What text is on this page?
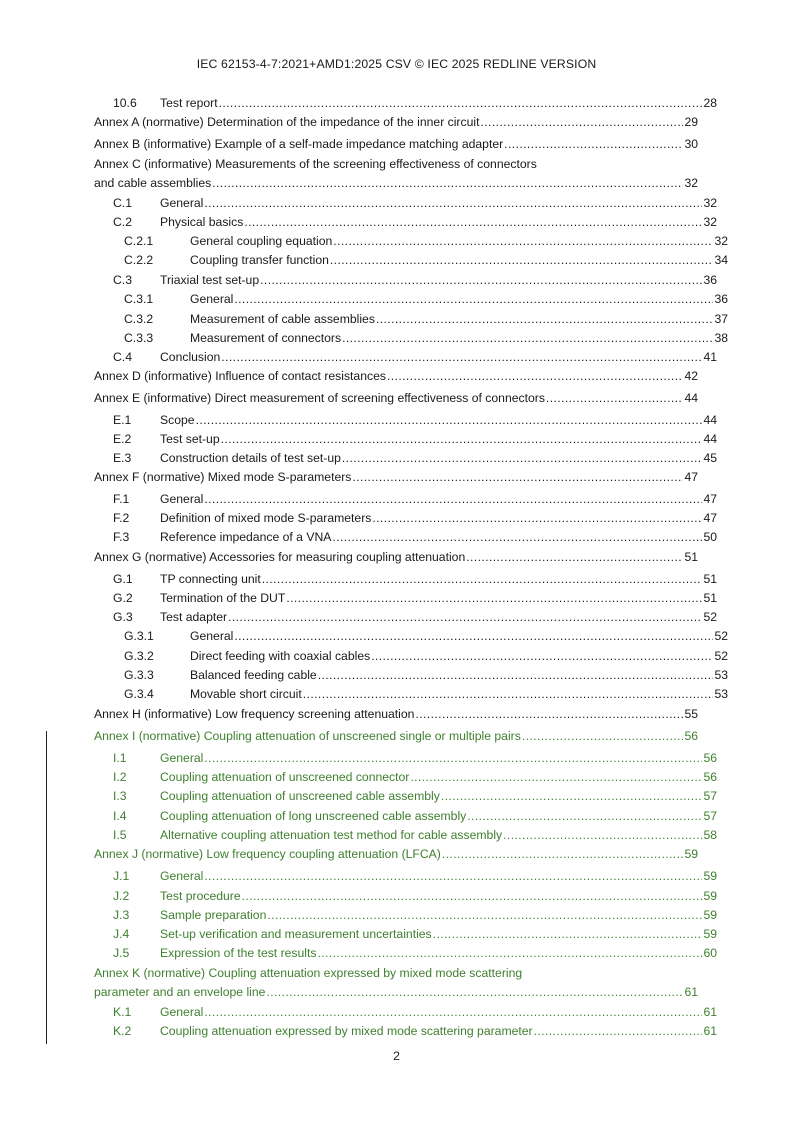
IEC 62153-4-7:2021+AMD1:2025 CSV © IEC 2025 REDLINE VERSION
10.6	Test report .....	28
Annex A (normative) Determination of the impedance of the inner circuit .....	29
Annex B (informative) Example of a self-made impedance matching adapter .....	30
Annex C (informative) Measurements of the screening effectiveness of connectors
and cable assemblies .....	32
C.1	General .....	32
C.2	Physical basics .....	32
C.2.1	General coupling equation .....	32
C.2.2	Coupling transfer function .....	34
C.3	Triaxial test set-up .....	36
C.3.1	General .....	36
C.3.2	Measurement of cable assemblies .....	37
C.3.3	Measurement of connectors .....	38
C.4	Conclusion .....	41
Annex D (informative) Influence of contact resistances .....	42
Annex E (informative) Direct measurement of screening effectiveness of connectors .....	44
E.1	Scope .....	44
E.2	Test set-up .....	44
E.3	Construction details of test set-up .....	45
Annex F (normative) Mixed mode S-parameters .....	47
F.1	General .....	47
F.2	Definition of mixed mode S-parameters .....	47
F.3	Reference impedance of a VNA .....	50
Annex G (normative) Accessories for measuring coupling attenuation .....	51
G.1	TP connecting unit .....	51
G.2	Termination of the DUT .....	51
G.3	Test adapter .....	52
G.3.1	General .....	52
G.3.2	Direct feeding with coaxial cables .....	52
G.3.3	Balanced feeding cable .....	53
G.3.4	Movable short circuit .....	53
Annex H (informative) Low frequency screening attenuation .....	55
Annex I (normative) Coupling attenuation of unscreened single or multiple pairs .....	56
I.1	General .....	56
I.2	Coupling attenuation of unscreened connector .....	56
I.3	Coupling attenuation of unscreened cable assembly .....	57
I.4	Coupling attenuation of long unscreened cable assembly .....	57
I.5	Alternative coupling attenuation test method for cable assembly .....	58
Annex J (normative) Low frequency coupling attenuation (LFCA) .....	59
J.1	General .....	59
J.2	Test procedure .....	59
J.3	Sample preparation .....	59
J.4	Set-up verification and measurement uncertainties .....	59
J.5	Expression of the test results .....	60
Annex K (normative) Coupling attenuation expressed by mixed mode scattering
parameter and an envelope line .....	61
K.1	General .....	61
K.2	Coupling attenuation expressed by mixed mode scattering parameter .....	61
2
